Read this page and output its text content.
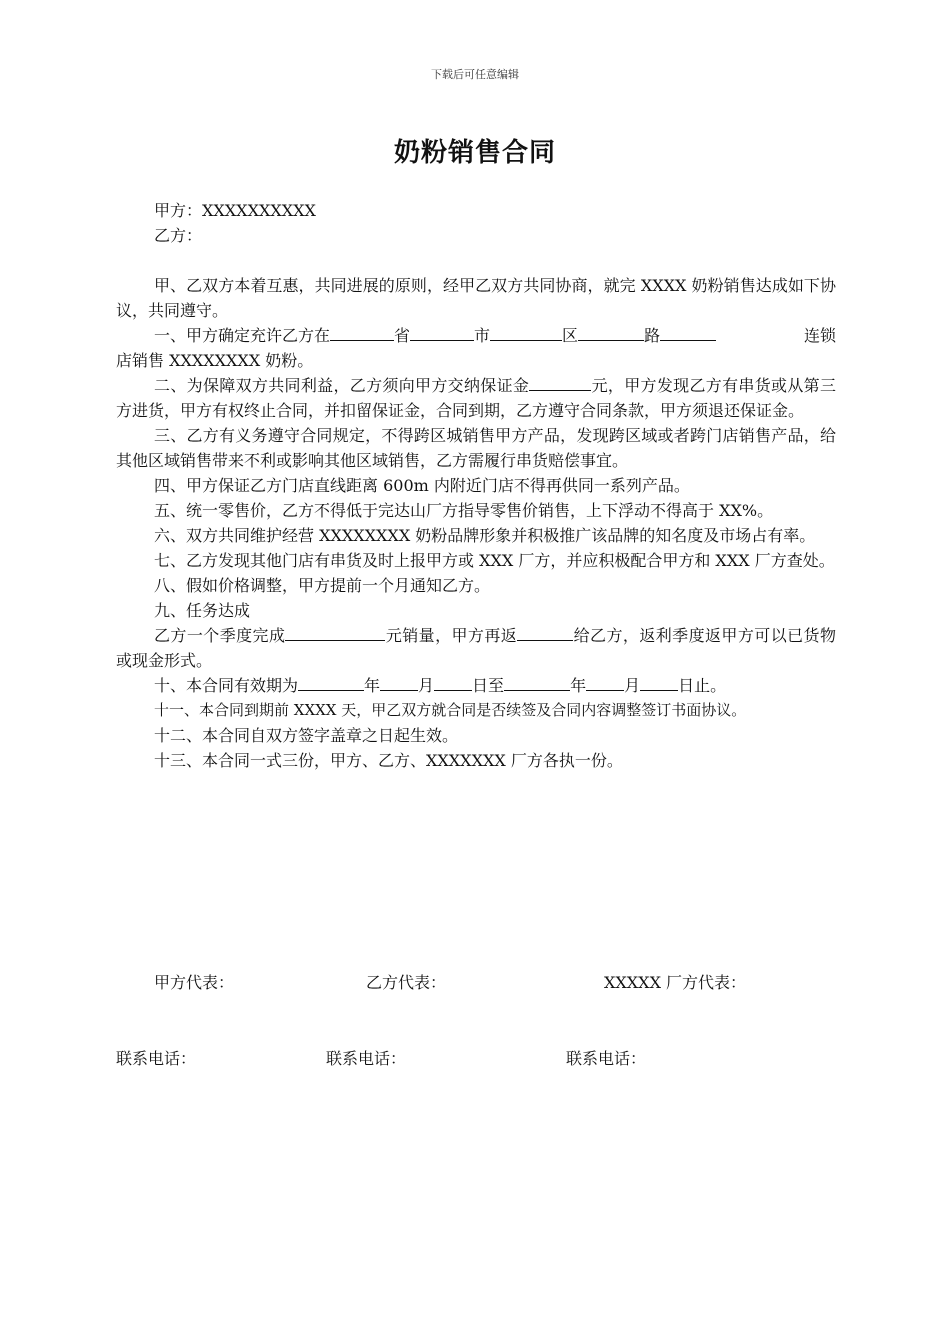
下载后可任意编辑
奶粉销售合同
甲方：XXXXXXXXXX
乙方：
甲、乙双方本着互惠，共同进展的原则，经甲乙双方共同协商，就完 XXXX 奶粉销售达成如下协议，共同遵守。
一、甲方确定充许乙方在	省	市	区	路	连锁
店销售 XXXXXXXX 奶粉。
二、为保障双方共同利益，乙方须向甲方交纳保证金	元，甲方发现乙方有串货或从第三方进货，甲方有权终止合同，并扣留保证金，合同到期，乙方遵守合同条款，甲方须退还保证金。
三、乙方有义务遵守合同规定，不得跨区城销售甲方产品，发现跨区域或者跨门店销售产品，给其他区域销售带来不利或影响其他区域销售，乙方需履行串货赔偿事宜。
四、甲方保证乙方门店直线距离 600m 内附近门店不得再供同一系列产品。
五、统一零售价，乙方不得低于完达山厂方指导零售价销售，上下浮动不得高于 XX%。
六、双方共同维护经营 XXXXXXXX 奶粉品牌形象并积极推广该品牌的知名度及市场占有率。
七、乙方发现其他门店有串货及时上报甲方或 XXX 厂方，并应积极配合甲方和 XXX 厂方查处。
八、假如价格调整，甲方提前一个月通知乙方。
九、任务达成
乙方一个季度完成	元销量，甲方再返	给乙方，返利季度返甲方可以已货物或现金形式。
十、本合同有效期为	年 月 日至	年 月 日止。
十一、本合同到期前 XXXX 天，甲乙双方就合同是否续签及合同内容调整签订书面协议。
十二、本合同自双方签字盖章之日起生效。
十三、本合同一式三份，甲方、乙方、XXXXXXX 厂方各执一份。
甲方代表：	乙方代表：	XXXXX 厂方代表：
联系电话：	联系电话：	联系电话：
